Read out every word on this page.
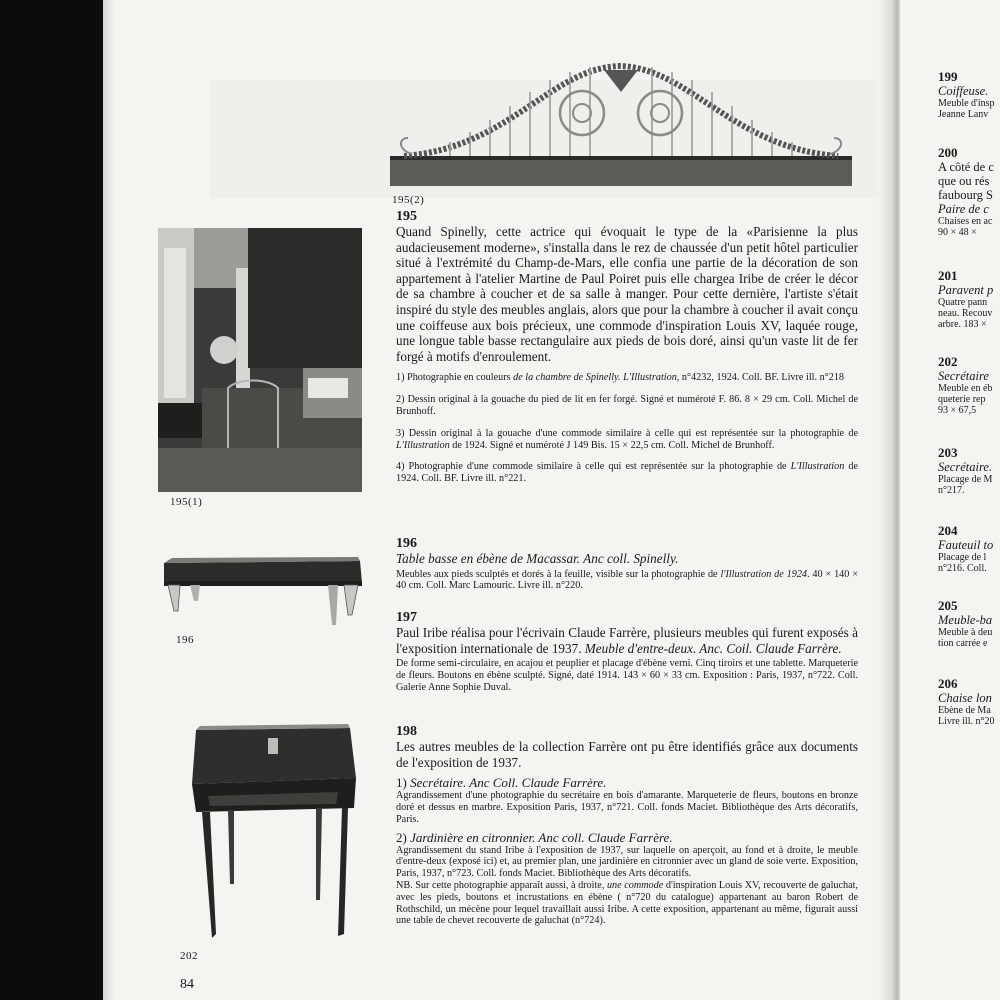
195(2)
195(1)
196
202
195
Quand Spinelly, cette actrice qui évoquait le type de la «Parisienne la plus audacieusement moderne», s'installa dans le rez de chaussée d'un petit hôtel particulier situé à l'extrémité du Champ-de-Mars, elle confia une partie de la décoration de son appartement à l'atelier Martine de Paul Poiret puis elle chargea Iribe de créer le décor de sa chambre à coucher et de sa salle à manger. Pour cette dernière, l'artiste s'était inspiré du style des meubles anglais, alors que pour la chambre à coucher il avait conçu une coiffeuse aux bois précieux, une commode d'inspiration Louis XV, laquée rouge, une longue table basse rectangulaire aux pieds de bois doré, ainsi qu'un vaste lit de fer forgé à motifs d'enroulement.

1) Photographie en couleurs de la chambre de Spinelly. L'Illustration, n°4232, 1924. Coll. BF. Livre ill. n°218

2) Dessin original à la gouache du pied de lit en fer forgé. Signé et numéroté F. 86. 8 × 29 cm. Coll. Michel de Brunhoff.

3) Dessin original à la gouache d'une commode similaire à celle qui est représentée sur la photographie de L'Illustration de 1924. Signé et numéroté J 149 Bis. 15 × 22,5 cm. Coll. Michel de Brunhoff.

4) Photographie d'une commode similaire à celle qui est représentée sur la photographie de L'Illustration de 1924. Coll. BF. Livre ill. n°221.

196
Table basse en ébène de Macassar. Anc coll. Spinelly.
Meubles aux pieds sculptés et dorés à la feuille, visible sur la photographie de l'Illustration de 1924. 40 × 140 × 40 cm. Coll. Marc Lamouric. Livre ill. n°220.
197
Paul Iribe réalisa pour l'écrivain Claude Farrère, plusieurs meubles qui furent exposés à l'exposition internationale de 1937. Meuble d'entre-deux. Anc. Coil. Claude Farrère.
De forme semi-circulaire, en acajou et peuplier et placage d'ébène verni. Cinq tiroirs et une tablette. Marqueterie de fleurs. Boutons en ébène sculpté. Signé, daté 1914. 143 × 60 × 33 cm. Exposition : Paris, 1937, n°722. Coll. Galerie Anne Sophie Duval.
198
Les autres meubles de la collection Farrère ont pu être identifiés grâce aux documents de l'exposition de 1937.
1) Secrétaire. Anc Coll. Claude Farrère.
Agrandissement d'une photographie du secrétaire en bois d'amarante. Marqueterie de fleurs, boutons en bronze doré et dessus en marbre. Exposition Paris, 1937, n°721. Coll. fonds Maciet. Bibliothèque des Arts décoratifs, Paris.
2) Jardinière en citronnier. Anc coll. Claude Farrère.
Agrandissement du stand Iribe à l'exposition de 1937, sur laquelle on aperçoit, au fond et à droite, le meuble d'entre-deux (exposé ici) et, au premier plan, une jardinière en citronnier avec un gland de soie verte. Exposition, Paris, 1937, n°723. Coll. fonds Maciet. Bibliothèque des Arts décoratifs.
NB. Sur cette photographie apparaît aussi, à droite, une commode d'inspiration Louis XV, recouverte de galuchat, avec les pieds, boutons et incrustations en ébène ( n°720 du catalogue) appartenant au baron Robert de Rothschild, un mécène pour lequel travaillait aussi Iribe. A cette exposition, appartenant au même, figurait aussi une table de chevet recouverte de galuchat (n°724).
84
199
Coiffeuse.
Meuble d'insp
Jeanne Lanv
200
A côté de c
que ou rés
faubourg S
Paire de c
Chaises en ac
90 × 48 ×
201
Paravent p
Quatre pann
neau. Recouv
arbre. 183 ×
202
Secrétaire
Meuble en éb
queterie rep
93 × 67,5
203
Secrétaire.
Placage de M
n°217.
204
Fauteuil to
Placage de l
n°216. Coll.
205
Meuble-ba
Meuble à deu
tion carrée e
206
Chaise lon
Ebène de Ma
Livre ill. n°20
